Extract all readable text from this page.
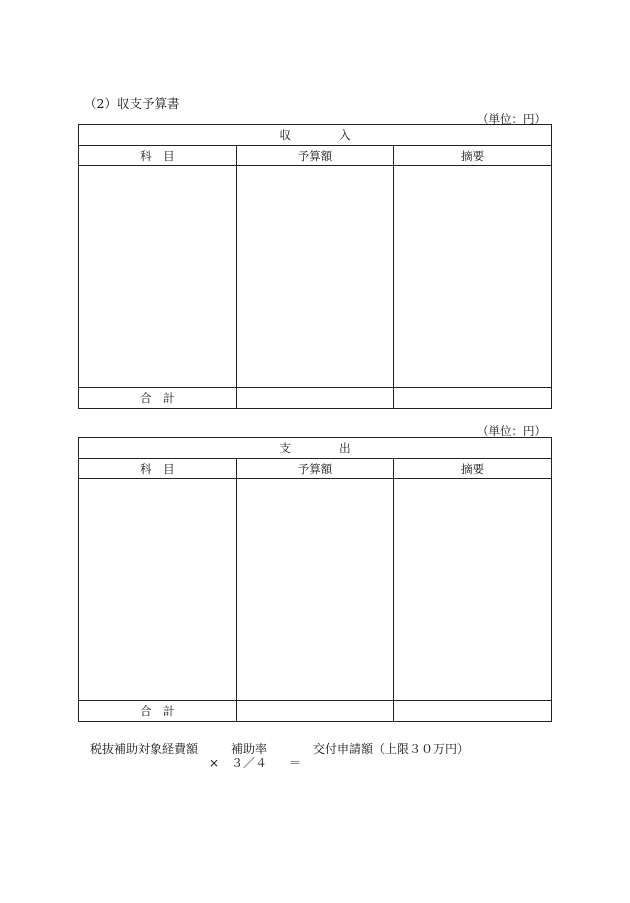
（2）収支予算書
（単位：円）
収　入		
科　目	予算額	摘要

合　計		
（単位：円）
支　出		
科　目	予算額	摘要

合　計		
税抜補助対象経費額	補助率	交付申請額（上限３０万円）
×　３／４ ＝
